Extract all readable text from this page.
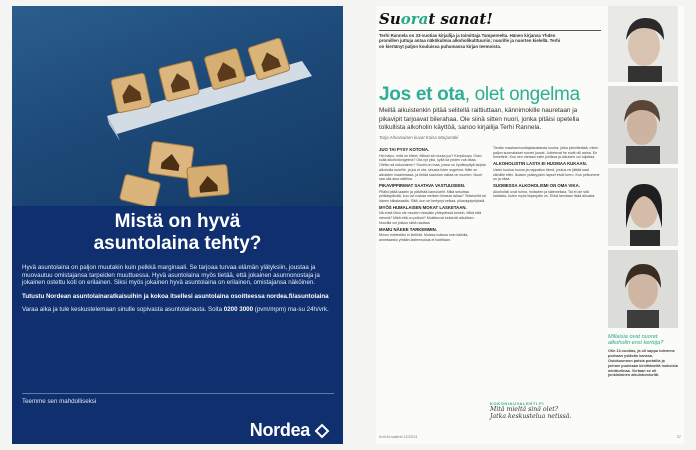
Mistä on hyvä
asuntolaina tehty?

Hyvä asuntolaina on paljon muutakin kuin pelkkä marginaali. Se tarjoaa turvaa elämän ylätyksiin, joustaa ja muovautuu omistajansa tarpeiden muuttuessa. Hyvä asuntolaina myös tietää, että jokainen asunnonostaja ja jokainen ostettu koti on erilainen. Siksi myös jokainen hyvä asuntolaina on erilainen, omistajansa näköinen.

Tutustu Nordean asuntolainaratkaisuihin ja kokoa itsellesi asuntolaina osoitteessa nordea.fi/asuntolaina

Varaa aika ja tule keskustelemaan sinulle sopivasta asuntolainasta. Soita 0200 3000 (pvm/mpm) ma-su 24h/vrk.

Teemme sen mahdolliseksi
Nordea
Suorat sanat!
Terhi Rannela on 33-vuotias kirjailija ja toimittaja Tampereelta. Hänen kirjansa Yhden promillen juttuja antaa näkökulmia alkoholikulttuuriin; nuorille ja nuorten kielellä. Terhi on kiertänyt paljon kouluissa puhumassa kirjan teemoista.
Jos et ota, olet ongelma
Meillä aikuistenkin pitää selitellä raittiuttaan, kännimokille nauretaan ja pikavipit tarjoavat bilerahaa. Ole siinä sitten nuori, jonka pitäisi opetella tolkullista alkoholin käyttöä, sanoo kirjailija Terhi Rannela.
Tarja Ahvonainen kuvat Kaisa Marjamäki
JUO TAI PYSY KOTONA.

Hei haloo, mitä on bileet. Miksei sä muuta juo? Kimpiloopu Onko sulla alkoholiongelma? Ota nyt yksi, kyllä sä yhden voit ottaa. Oletko sä uskovainen? Suomi on maa, jossa on hyväksyttyä tarjota alkoholia nuorille, ja jos ei ota, sinusta tulee ongelma. Näin on aikuisten maailmassa, ja tietää saanhan valtaa on nuorten. Nuori saa olla aina raittiina.

PIKAVIPPIRIMAT SAATAVA VASTUUSEEN.

Pitäisi pitää laaarin ja päivittää kamuluetit. Mikä sekottaa pelikäspäivää, kun ovi roskaa melkein ilmasta rahaa? Tekstoriltä tai hänen kiikaksaalta. Siitä, kun on kertynyt velkaa, pikavippiyrityksiä.

MYÖS HUMALAISEN MOKAT LASKETAAN.

Nä enkä liiton ole muuten missään yhteydessä toinkin. Mikä että mennä? Mikä että on pollosi? Muistkuvat keksivät aikuilisen. Nuorilla voi joskus sietä nauttaa.

MAMU NÄKEE TARKEMMIN.

Minun mielestäni ei kielletä. Muissa maissa noin kaikilla, annetaanko yhtään lastennuksia ei todellaan.

Tiedän maahanmuuttajataustaista nuorta, jotka pärnittetäsä, miten paljon suomalaiset nuoret juovat. Juttelevat he eivät olli aaina. En ihmettele. Kun sen otetaan esiin juhlissa ja aikuisen voi tuijottaa.

ALKOHOLISTIN LASTA EI HUOMAA KUKAAN.

Usein kuulua huuna ja nappailun tämä, joskus ne jättää saat silmälle ettei. Ikuisen ystävyyden lapset eivät kerro. Kun pelkomme on ja vitaa.

SUOMESSA ALKOHOLISMI ON OMA VIKA.

Alkoholisti ovat rumia, hoitavien ja säteineksia. Tai ei ole sitä kaltaista, kuten myös kirjanjuttu on. Ehkä tarvitaan lisää aikuisia.

KOKONIKUVALEHTI.FI
Mitä mieltä sinä olet?
Jatka keskustelua netissä.
Millaisia ovat nuoret alkoholin ensi kertoja?
Olin 13-vuotias, ja oli sappu tulemme porhaan ystävän kanssa. Ostokuonnon paista portailla ja joinme puuteaan kirvittäneitä muksisia mintturiinaa. Vertaan se oli jonkinlainen aikuistumisritti.
Koti-Kuvalehti 12/2013	37
